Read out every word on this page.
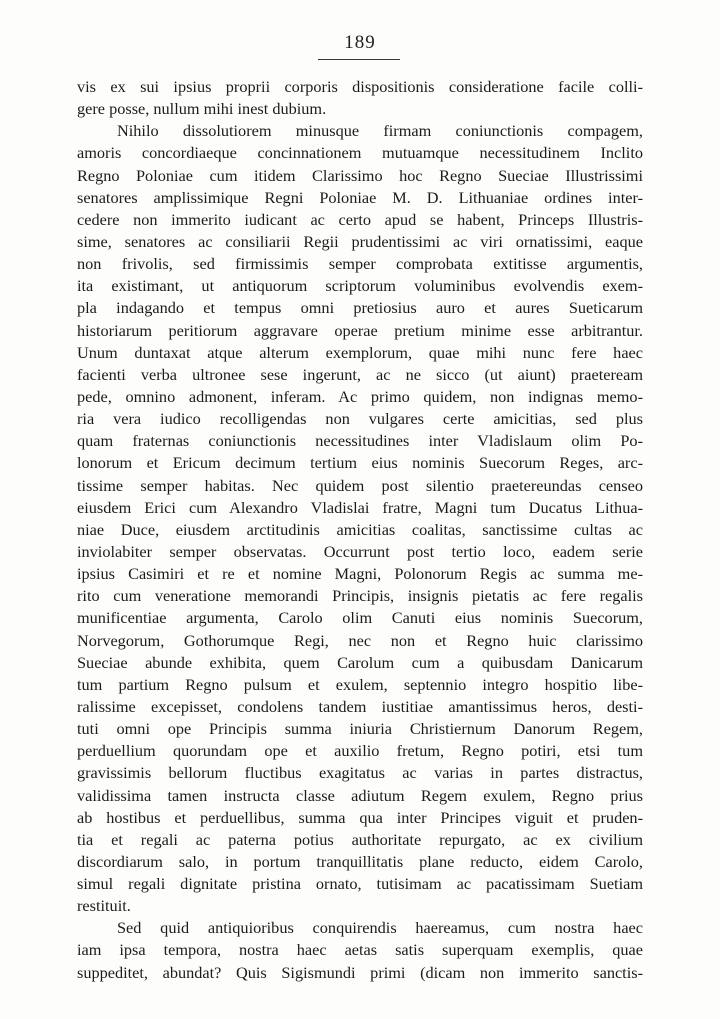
189
vis ex sui ipsius proprii corporis dispositionis consideratione facile colli-
gere posse, nullum mihi inest dubium.
Nihilo dissolutiorem minusque firmam coniunctionis compagem,
amoris concordiaeque concinnationem mutuamque necessitudinem Inclito
Regno Poloniae cum itidem Clarissimo hoc Regno Sueciae Illustrissimi
senatores amplissimique Regni Poloniae M. D. Lithuaniae ordines inter-
cedere non immerito iudicant ac certo apud se habent, Princeps Illustris-
sime, senatores ac consiliarii Regii prudentissimi ac viri ornatissimi, eaque
non frivolis, sed firmissimis semper comprobata extitisse argumentis,
ita existimant, ut antiquorum scriptorum voluminibus evolvendis exem-
pla indagando et tempus omni pretiosius auro et aures Sueticarum
historiarum peritiorum aggravare operae pretium minime esse arbitrantur.
Unum duntaxat atque alterum exemplorum, quae mihi nunc fere haec
facienti verba ultronee sese ingerunt, ac ne sicco (ut aiunt) praeteream
pede, omnino admonent, inferam. Ac primo quidem, non indignas memo-
ria vera iudico recolligendas non vulgares certe amicitias, sed plus
quam fraternas coniunctionis necessitudines inter Vladislaum olim Po-
lonorum et Ericum decimum tertium eius nominis Suecorum Reges, arc-
tissime semper habitas. Nec quidem post silentio praetereundas censeo
eiusdem Erici cum Alexandro Vladislai fratre, Magni tum Ducatus Lithua-
niae Duce, eiusdem arctitudinis amicitias coalitas, sanctissime cultas ac
inviolabiter semper observatas. Occurrunt post tertio loco, eadem serie
ipsius Casimiri et re et nomine Magni, Polonorum Regis ac summa me-
rito cum veneratione memorandi Principis, insignis pietatis ac fere regalis
munificentiae argumenta, Carolo olim Canuti eius nominis Suecorum,
Norvegorum, Gothorumque Regi, nec non et Regno huic clarissimo
Sueciae abunde exhibita, quem Carolum cum a quibusdam Danicarum
tum partium Regno pulsum et exulem, septennio integro hospitio libe-
ralissime excepisset, condolens tandem iustitiae amantissimus heros, desti-
tuti omni ope Principis summa iniuria Christiernum Danorum Regem,
perduellium quorundam ope et auxilio fretum, Regno potiri, etsi tum
gravissimis bellorum fluctibus exagitatus ac varias in partes distractus,
validissima tamen instructa classe adiutum Regem exulem, Regno prius
ab hostibus et perduellibus, summa qua inter Principes viguit et pruden-
tia et regali ac paterna potius authoritate repurgato, ac ex civilium
discordiarum salo, in portum tranquillitatis plane reducto, eidem Carolo,
simul regali dignitate pristina ornato, tutisimam ac pacatissimam Suetiam
restituit.
Sed quid antiquioribus conquirendis haereamus, cum nostra haec
iam ipsa tempora, nostra haec aetas satis superquam exemplis, quae
suppeditet, abundat? Quis Sigismundi primi (dicam non immerito sanctis-
